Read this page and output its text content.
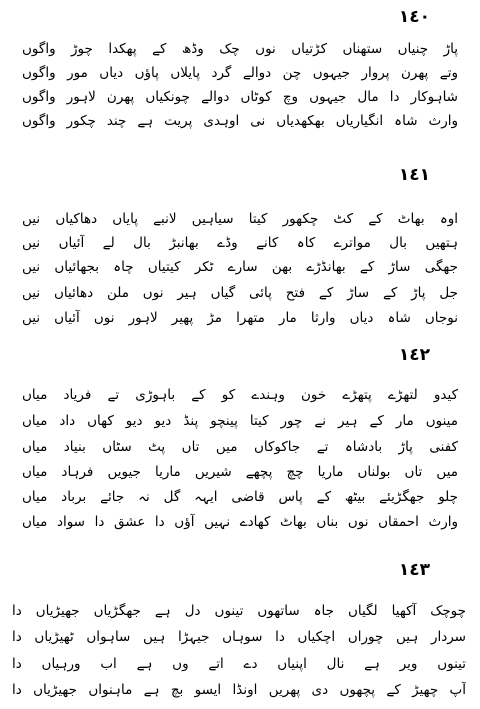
١٤٠
پاڑ چنیاں ستھناں کڑتیاں نوں چک وڈھ کے پھکدا چوڑ واگوں
وتے پھرن پروار جیہوں چن دوالے گرد پایلاں پاؤں دیاں مور واگوں
شاہوکار دا مال جیہوں وچ کوٹاں دوالے چونکیاں پھرن لاہور واگوں
وارث شاہ انگیاریاں بھکھدیاں نی اوہدی پریت ہے چند چکور واگوں
١٤١
اوہ بھاٹ کے کٹ چکھور کیتا سیاہیں لانبے پایاں دھاکیاں نیں
ہتھیں بال مواترے کاہ کانے وڈے بھانبڑ بال لے آئیاں نیں
جھگی ساڑ کے بھانڈڑے بھن سارے ٹکر کیتیاں چاہ بجھائیاں نیں
جل پاڑ کے ساڑ کے فتح پائی گیاں ہیر نوں ملن دھائیاں نیں
نوجاں شاہ دیاں وارثا مار متھرا مڑ پھیر لاہور نوں آئیاں نیں
١٤٢
کیدو لتھڑے پتھڑے خون وہندے کو کے باہوڑی تے فریاد میاں
مینوں مار کے ہیر نے چور کیتا پینچو پنڈ دیو دیو کھاں داد میاں
کفنی پاڑ بادشاہ تے جاکوکاں میں تاں پٹ سٹاں بنیاد میاں
میں تاں بولناں ماریا چچ پچھے شیریں ماریا جیویں فرہاد میاں
چلو جھگڑیئے بیٹھ کے پاس قاضی ایہہ گل نہ جائے برباد میاں
وارث احمقاں نوں بناں بھاٹ کھادے نہیں آؤں دا عشق دا سواد میاں
١٤٣
چوچک آکھیا لگیاں جاہ ساتھوں تینوں دل ہے جھگڑیاں جھیڑیاں دا
سردار ہیں چوراں اچکیاں دا سوہاں جیہڑا ہیں ساہواں ٹھیڑیاں دا
تینوں ویر ہے نال اپنیاں دے اتے وں ہے اب ورہیاں دا
آپ چھیڑ کے پچھوں دی پھریں اونڈا ایسو بچ ہے ماہنواں جھیڑیاں دا
